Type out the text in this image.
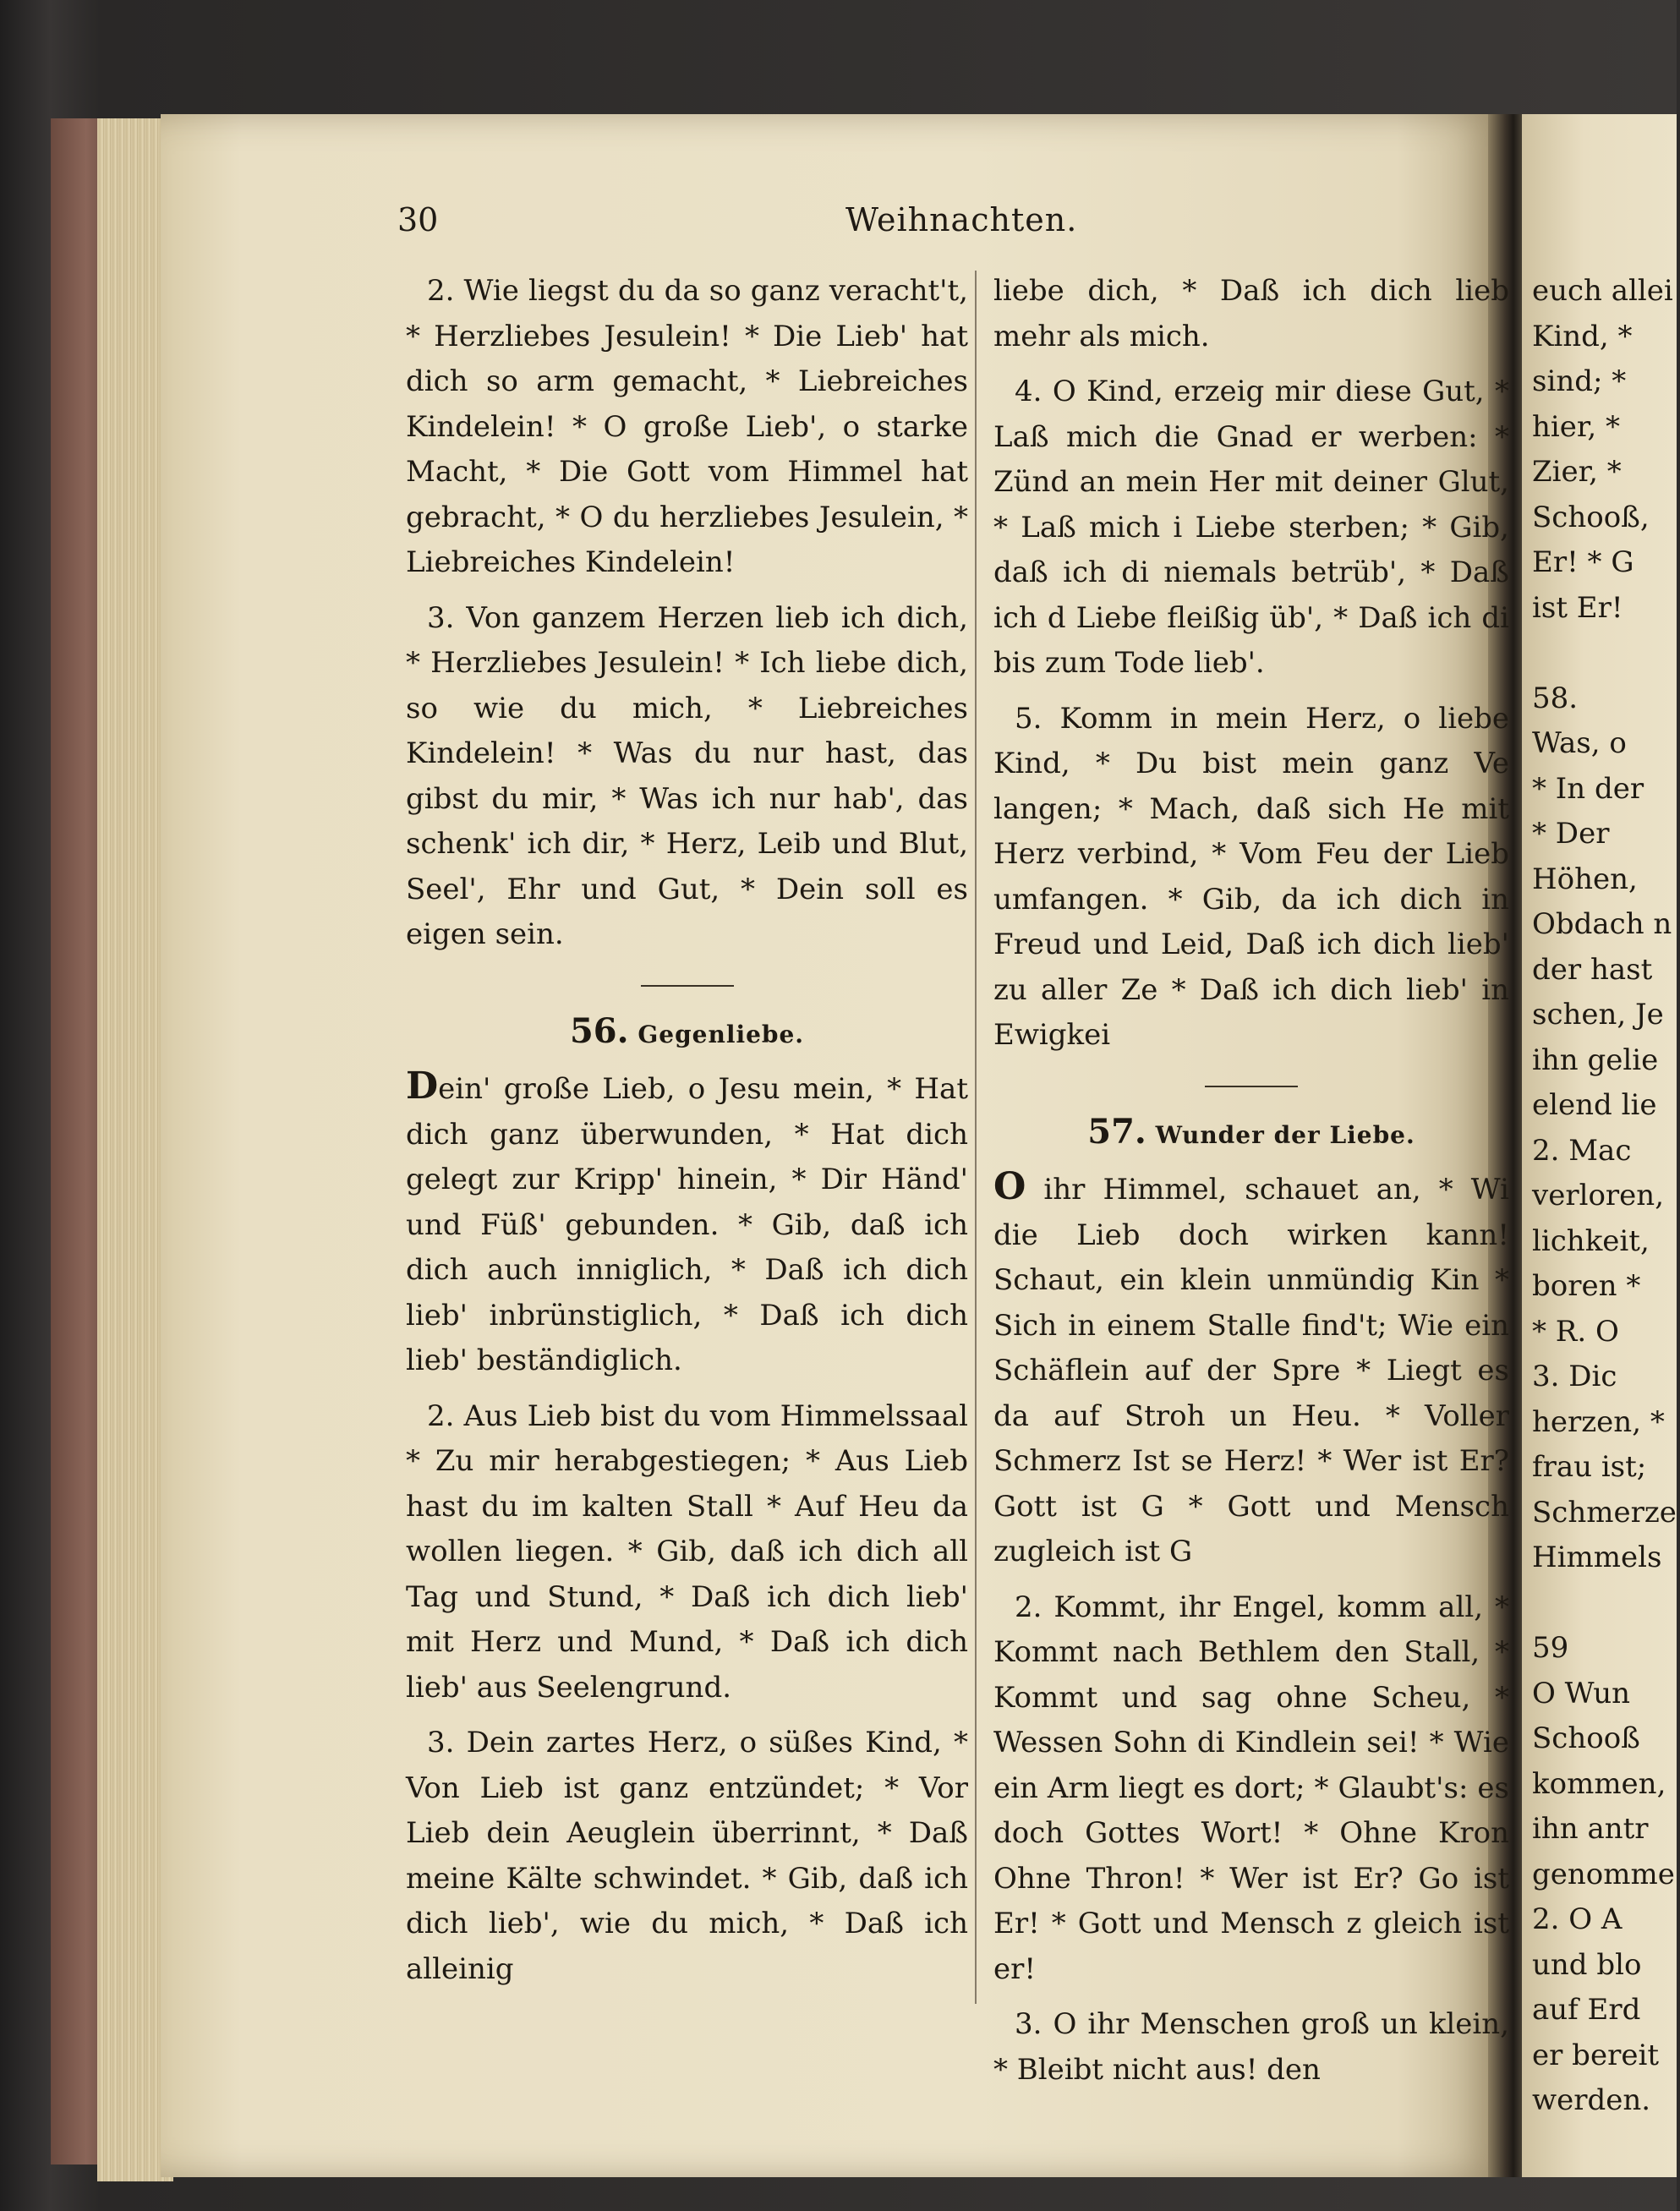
30	Weihnachten.

2. Wie liegst du da so ganz veracht't, * Herzliebes Jesulein! * Die Lieb' hat dich so arm gemacht, * Liebreiches Kindelein! * O große Lieb', o starke Macht, * Die Gott vom Himmel hat gebracht, * O du herzliebes Jesulein, * Liebreiches Kindelein!

3. Von ganzem Herzen lieb ich dich, * Herzliebes Jesulein! * Ich liebe dich, so wie du mich, * Liebreiches Kindelein! * Was du nur hast, das gibst du mir, * Was ich nur hab', das schenk' ich dir, * Herz, Leib und Blut, Seel', Ehr und Gut, * Dein soll es eigen sein.

56. Gegenliebe.

Dein' große Lieb, o Jesu mein, * Hat dich ganz überwunden, * Hat dich gelegt zur Kripp' hinein, * Dir Händ' und Füß' gebunden. * Gib, daß ich dich auch inniglich, * Daß ich dich lieb' inbrünstiglich, * Daß ich dich lieb' beständiglich.

2. Aus Lieb bist du vom Himmelssaal * Zu mir herabgestiegen; * Aus Lieb hast du im kalten Stall * Auf Heu da wollen liegen. * Gib, daß ich dich all Tag und Stund, * Daß ich dich lieb' mit Herz und Mund, * Daß ich dich lieb' aus Seelengrund.

3. Dein zartes Herz, o süßes Kind, * Von Lieb ist ganz entzündet; * Vor Lieb dein Aeuglein überrinnt, * Daß meine Kälte schwindet. * Gib, daß ich dich lieb', wie du mich, * Daß ich alleinig

liebe dich, * Daß ich dich lieb mehr als mich.

4. O Kind, erzeig mir diese Gut, * Laß mich die Gnad er werben: * Zünd an mein Her mit deiner Glut, * Laß mich i Liebe sterben; * Gib, daß ich di niemals betrüb', * Daß ich d Liebe fleißig üb', * Daß ich di bis zum Tode lieb'.

5. Komm in mein Herz, o liebe Kind, * Du bist mein ganz Ve langen; * Mach, daß sich He mit Herz verbind, * Vom Feu der Lieb umfangen. * Gib, da ich dich in Freud und Leid, Daß ich dich lieb' zu aller Ze * Daß ich dich lieb' in Ewigkei

57. Wunder der Liebe.

O ihr Himmel, schauet an, * Wi die Lieb doch wirken kann! Schaut, ein klein unmündig Kin * Sich in einem Stalle find't; Wie ein Schäflein auf der Spre * Liegt es da auf Stroh un Heu. * Voller Schmerz Ist se Herz! * Wer ist Er? Gott ist G * Gott und Mensch zugleich ist G

2. Kommt, ihr Engel, komm all, * Kommt nach Bethlem den Stall, * Kommt und sag ohne Scheu, * Wessen Sohn di Kindlein sei! * Wie ein Arm liegt es dort; * Glaubt's: es doch Gottes Wort! * Ohne Kron Ohne Thron! * Wer ist Er? Go ist Er! * Gott und Mensch z gleich ist er!

3. O ihr Menschen groß un klein, * Bleibt nicht aus! den

euch allei
Kind, *
sind; *
hier, *
Zier, *
Schooß,
Er! * G
ist Er!
58.
Was, o
* In der
* Der
Höhen,
Obdach n
der hast
schen, Je
ihn gelie
elend lie
2. Mac
verloren,
lichkeit,
boren *
* R. O
3. Dic
herzen, *
frau ist;
Schmerze
Himmels
59
O Wun
Schooß
kommen,
ihn antr
genomme
2. O A
und blo
auf Erd
er bereit
werden.
